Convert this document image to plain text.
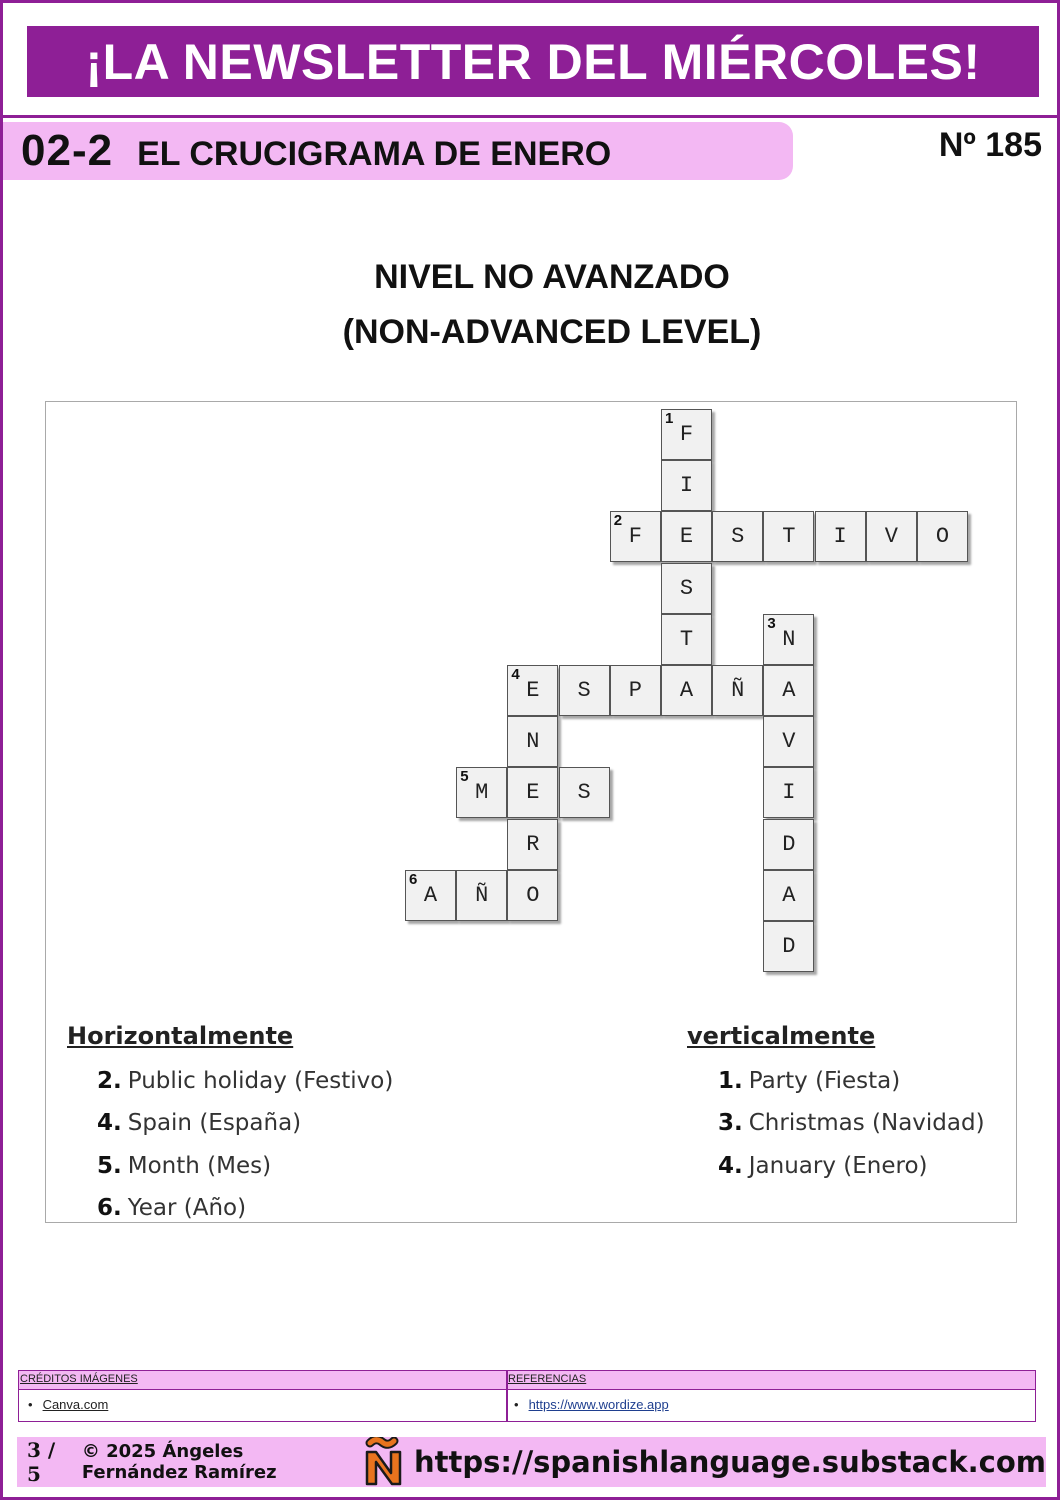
¡LA NEWSLETTER DEL MIÉRCOLES!
02-2 EL CRUCIGRAMA DE ENERO	Nº 185
NIVEL NO AVANZADO
(NON-ADVANCED LEVEL)
1
F
I
2
F E S T I V O
S
T
3
N
4
E S P A Ñ A
N	V
5
M E S	I
R	D
6
A Ñ O	A
D
Horizontalmente
2. Public holiday (Festivo)
4. Spain (España)
5. Month (Mes)
6. Year (Año)
verticalmente
1. Party (Fiesta)
3. Christmas (Navidad)
4. January (Enero)
CRÉDITOS IMÁGENES	REFERENCIAS
• Canva.com	• https://www.wordize.app
3 / 5
© 2025 Ángeles Fernández Ramírez	https://spanishlanguage.substack.com
